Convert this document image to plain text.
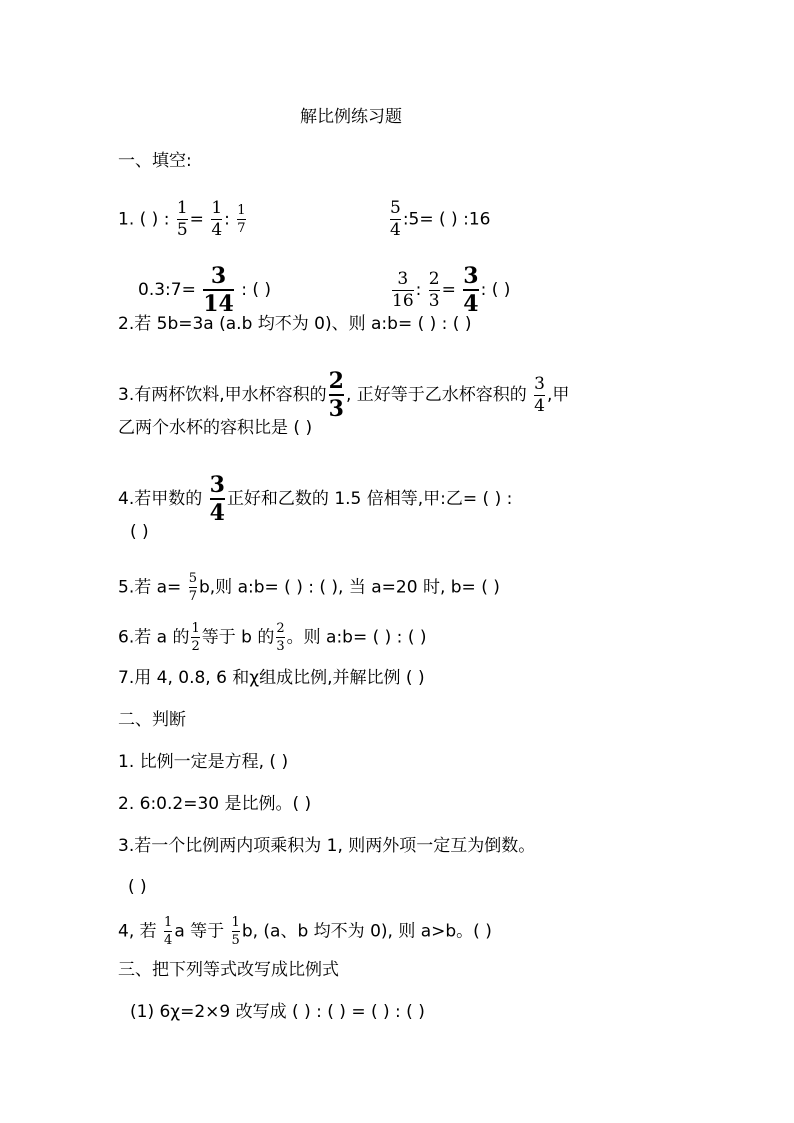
解比例练习题
一、填空:
1. ( ) : $\frac{1}{5} = \frac{1}{4}$ : $\frac{1}{7}$	$\frac{5}{4}$ :5= ( ) :16
0.3:7= $\frac{3}{14}$ : ( )	$\frac{3}{16}$ : $\frac{2}{3} = \frac{3}{4}$ : ( )
2.若 5b=3a (a.b 均不为 0)、则 a:b= ( ) : ( )
3.有两杯饮料,甲水杯容积的 $\frac{2}{3}$ , 正好等于乙水杯容积的 $\frac{3}{4}$ ,甲
乙两个水杯的容积比是 ( )
4.若甲数的 $\frac{3}{4}$ 正好和乙数的 1.5 倍相等,甲:乙= ( ) :
( )
5.若 $a= \frac{5}{7} b$,则 a:b= ( ) : ( ), 当 a=20 时, b= ( )
6.若 a 的 $\frac{1}{2}$ 等于 b 的 $\frac{2}{3}$ 。则 a:b= ( ) : ( )
7.用 4, 0.8, 6 和χ组成比例,并解比例 ( )
二、判断
1. 比例一定是方程, ( )
2. 6:0.2=30 是比例。( )
3.若一个比例两内项乘积为 1, 则两外项一定互为倒数。
( )
4, 若 $\frac{1}{4}$ a 等于 $\frac{1}{5} b$, (a、b 均不为 0), 则 a>b。( )
三、把下列等式改写成比例式
(1) 6χ=2×9 改写成 ( ) : ( ) = ( ) : ( )
